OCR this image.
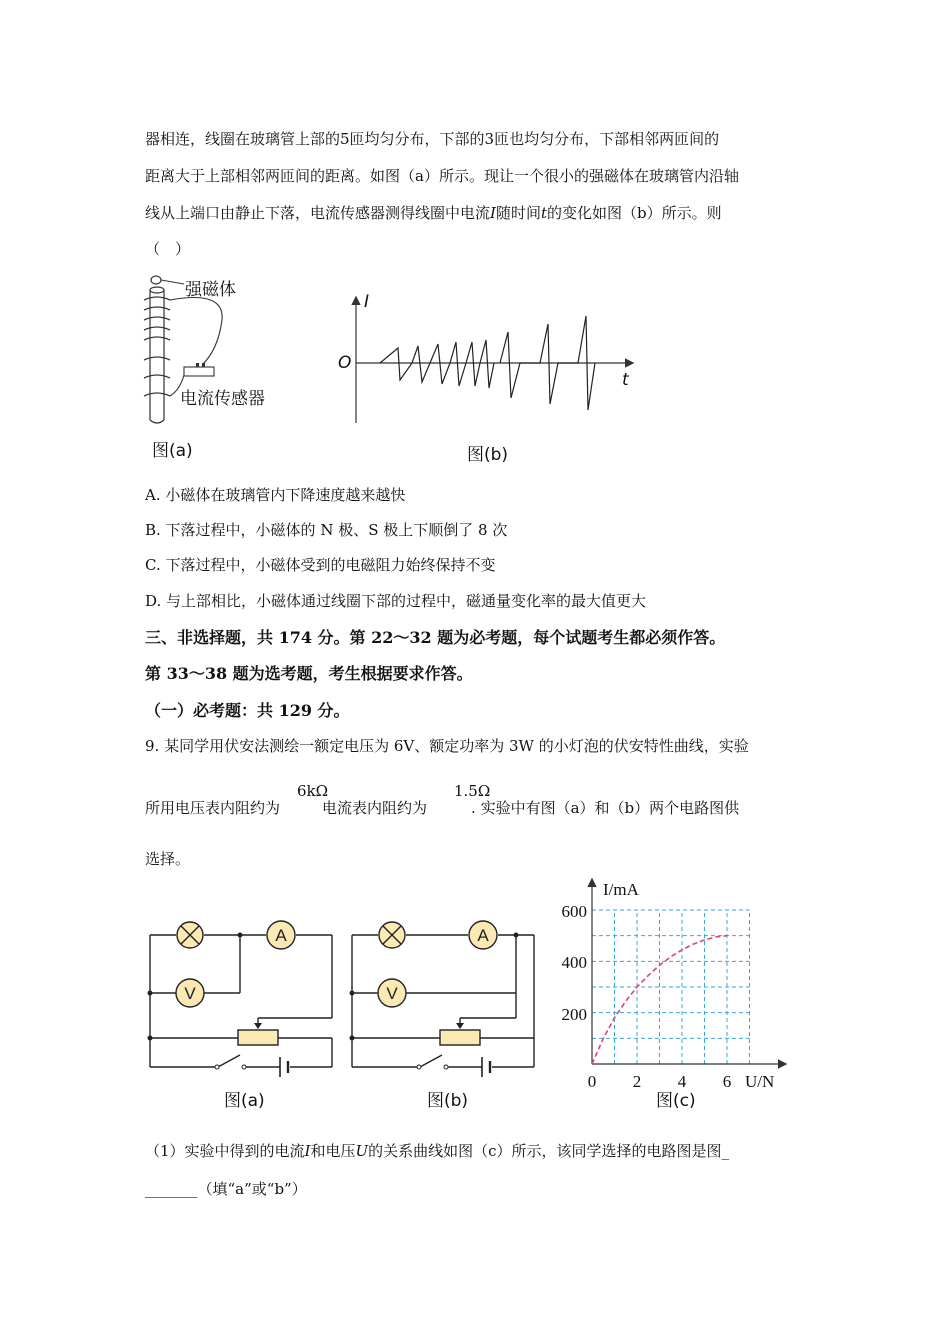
器相连，线圈在玻璃管上部的5匝均匀分布，下部的3匝也均匀分布，下部相邻两匝间的
距离大于上部相邻两匝间的距离。如图（a）所示。现让一个很小的强磁体在玻璃管内沿轴
线从上端口由静止下落，电流传感器测得线圈中电流I随时间t的变化如图（b）所示。则
（　）
强磁体
电流传感器
图(a)
I
O
t
图(b)
A. 小磁体在玻璃管内下降速度越来越快
B. 下落过程中，小磁体的 N 极、S 极上下顺倒了 8 次
C. 下落过程中，小磁体受到的电磁阻力始终保持不变
D. 与上部相比，小磁体通过线圈下部的过程中，磁通量变化率的最大值更大
三、非选择题，共 174 分。第 22～32 题为必考题，每个试题考生都必须作答。
第 33～38 题为选考题，考生根据要求作答。
（一）必考题：共 129 分。
9. 某同学用伏安法测绘一额定电压为 6V、额定功率为 3W 的小灯泡的伏安特性曲线，实验
所用电压表内阻约为	电流表内阻约为	. 实验中有图（a）和（b）两个电路图供
6kΩ	1.5Ω
选择。
A
V
图(a)
A
V
图(b)
I/mA
U/N
600
400
200
0 2 4 6
图(c)
（1）实验中得到的电流I和电压U的关系曲线如图（c）所示，该同学选择的电路图是图_
_______（填“a”或“b”）
